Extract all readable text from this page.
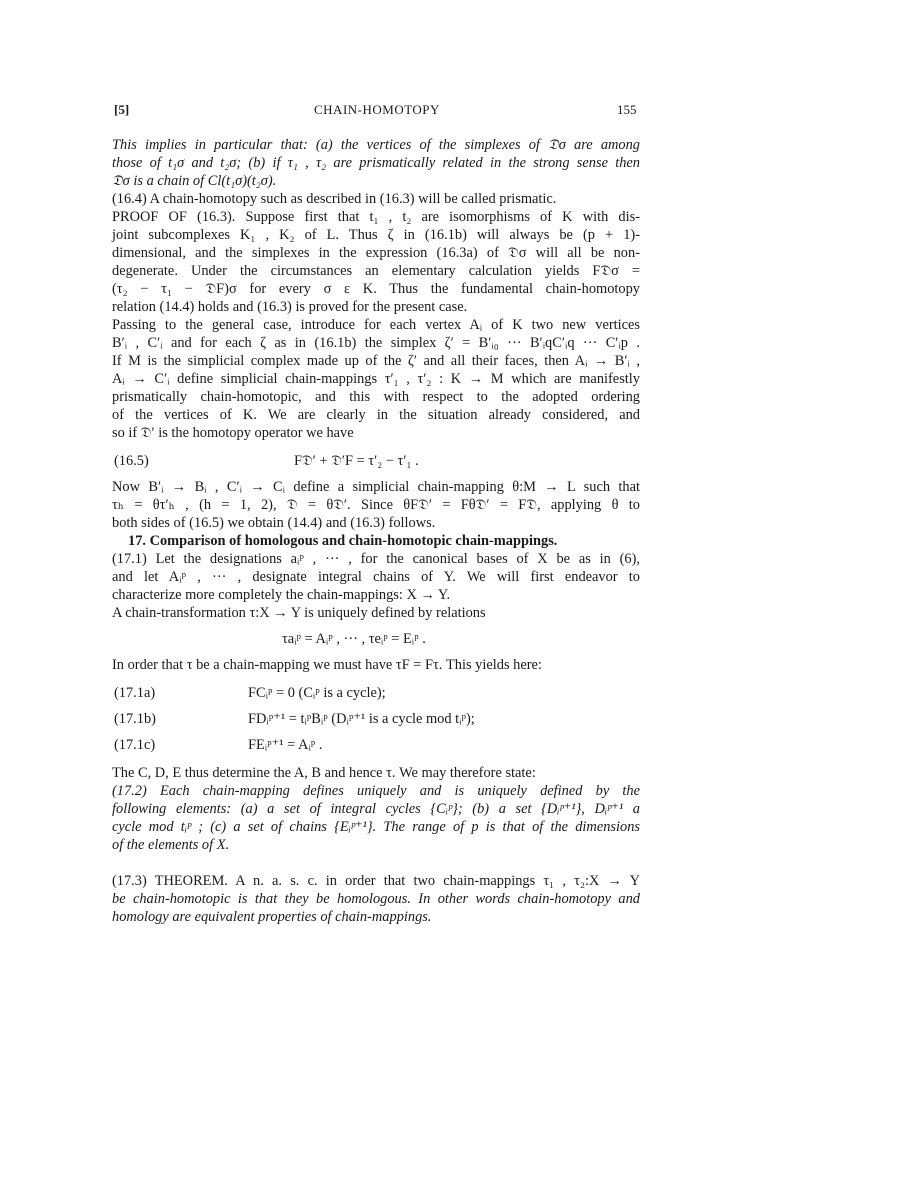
[5]	CHAIN-HOMOTOPY	155
This implies in particular that: (a) the vertices of the simplexes of 𝔇σ are among
those of t₁σ and t₂σ; (b) if τ₁ , τ₂ are prismatically related in the strong sense then
𝔇σ is a chain of Cl(t₁σ)(t₂σ).
(16.4) A chain-homotopy such as described in (16.3) will be called prismatic.
PROOF OF (16.3). Suppose first that t₁ , t₂ are isomorphisms of K with dis-
joint subcomplexes K₁ , K₂ of L. Thus ζ in (16.1b) will always be (p + 1)-
dimensional, and the simplexes in the expression (16.3a) of 𝔇σ will all be non-
degenerate. Under the circumstances an elementary calculation yields F𝔇σ =
(τ₂ − τ₁ − 𝔇F)σ for every σ ε K. Thus the fundamental chain-homotopy
relation (14.4) holds and (16.3) is proved for the present case.
Passing to the general case, introduce for each vertex Aᵢ of K two new vertices
B′ᵢ , C′ᵢ and for each ζ as in (16.1b) the simplex ζ′ = B′ᵢ₀ ··· B′ᵢqC′ᵢq ··· C′ᵢp .
If M is the simplicial complex made up of the ζ′ and all their faces, then Aᵢ → B′ᵢ ,
Aᵢ → C′ᵢ define simplicial chain-mappings τ′₁ , τ′₂ : K → M which are manifestly
prismatically chain-homotopic, and this with respect to the adopted ordering
of the vertices of K. We are clearly in the situation already considered, and
so if 𝔇′ is the homotopy operator we have
(16.5)	F𝔇′ + 𝔇′F = τ′₂ − τ′₁ .
Now B′ᵢ → Bᵢ , C′ᵢ → Cᵢ define a simplicial chain-mapping θ:M → L such that
τₕ = θτ′ₕ , (h = 1, 2), 𝔇 = θ𝔇′. Since θF𝔇′ = Fθ𝔇′ = F𝔇, applying θ to
both sides of (16.5) we obtain (14.4) and (16.3) follows.
17. Comparison of homologous and chain-homotopic chain-mappings.
(17.1) Let the designations aᵢᵖ , ··· , for the canonical bases of X be as in (6),
and let Aᵢᵖ , ··· , designate integral chains of Y. We will first endeavor to
characterize more completely the chain-mappings: X → Y.
A chain-transformation τ:X → Y is uniquely defined by relations
τaᵢᵖ = Aᵢᵖ , ··· , τeᵢᵖ = Eᵢᵖ .
In order that τ be a chain-mapping we must have τF = Fτ. This yields here:
(17.1a)	FCᵢᵖ = 0 (Cᵢᵖ is a cycle);
(17.1b)	FDᵢᵖ⁺¹ = tᵢᵖBᵢᵖ (Dᵢᵖ⁺¹ is a cycle mod tᵢᵖ);
(17.1c)	FEᵢᵖ⁺¹ = Aᵢᵖ .
The C, D, E thus determine the A, B and hence τ. We may therefore state:
(17.2) Each chain-mapping defines uniquely and is uniquely defined by the
following elements: (a) a set of integral cycles {Cᵢᵖ}; (b) a set {Dᵢᵖ⁺¹}, Dᵢᵖ⁺¹ a
cycle mod tᵢᵖ ; (c) a set of chains {Eᵢᵖ⁺¹}. The range of p is that of the dimensions
of the elements of X.
(17.3) THEOREM. A n. a. s. c. in order that two chain-mappings τ₁ , τ₂:X → Y
be chain-homotopic is that they be homologous. In other words chain-homotopy and
homology are equivalent properties of chain-mappings.
